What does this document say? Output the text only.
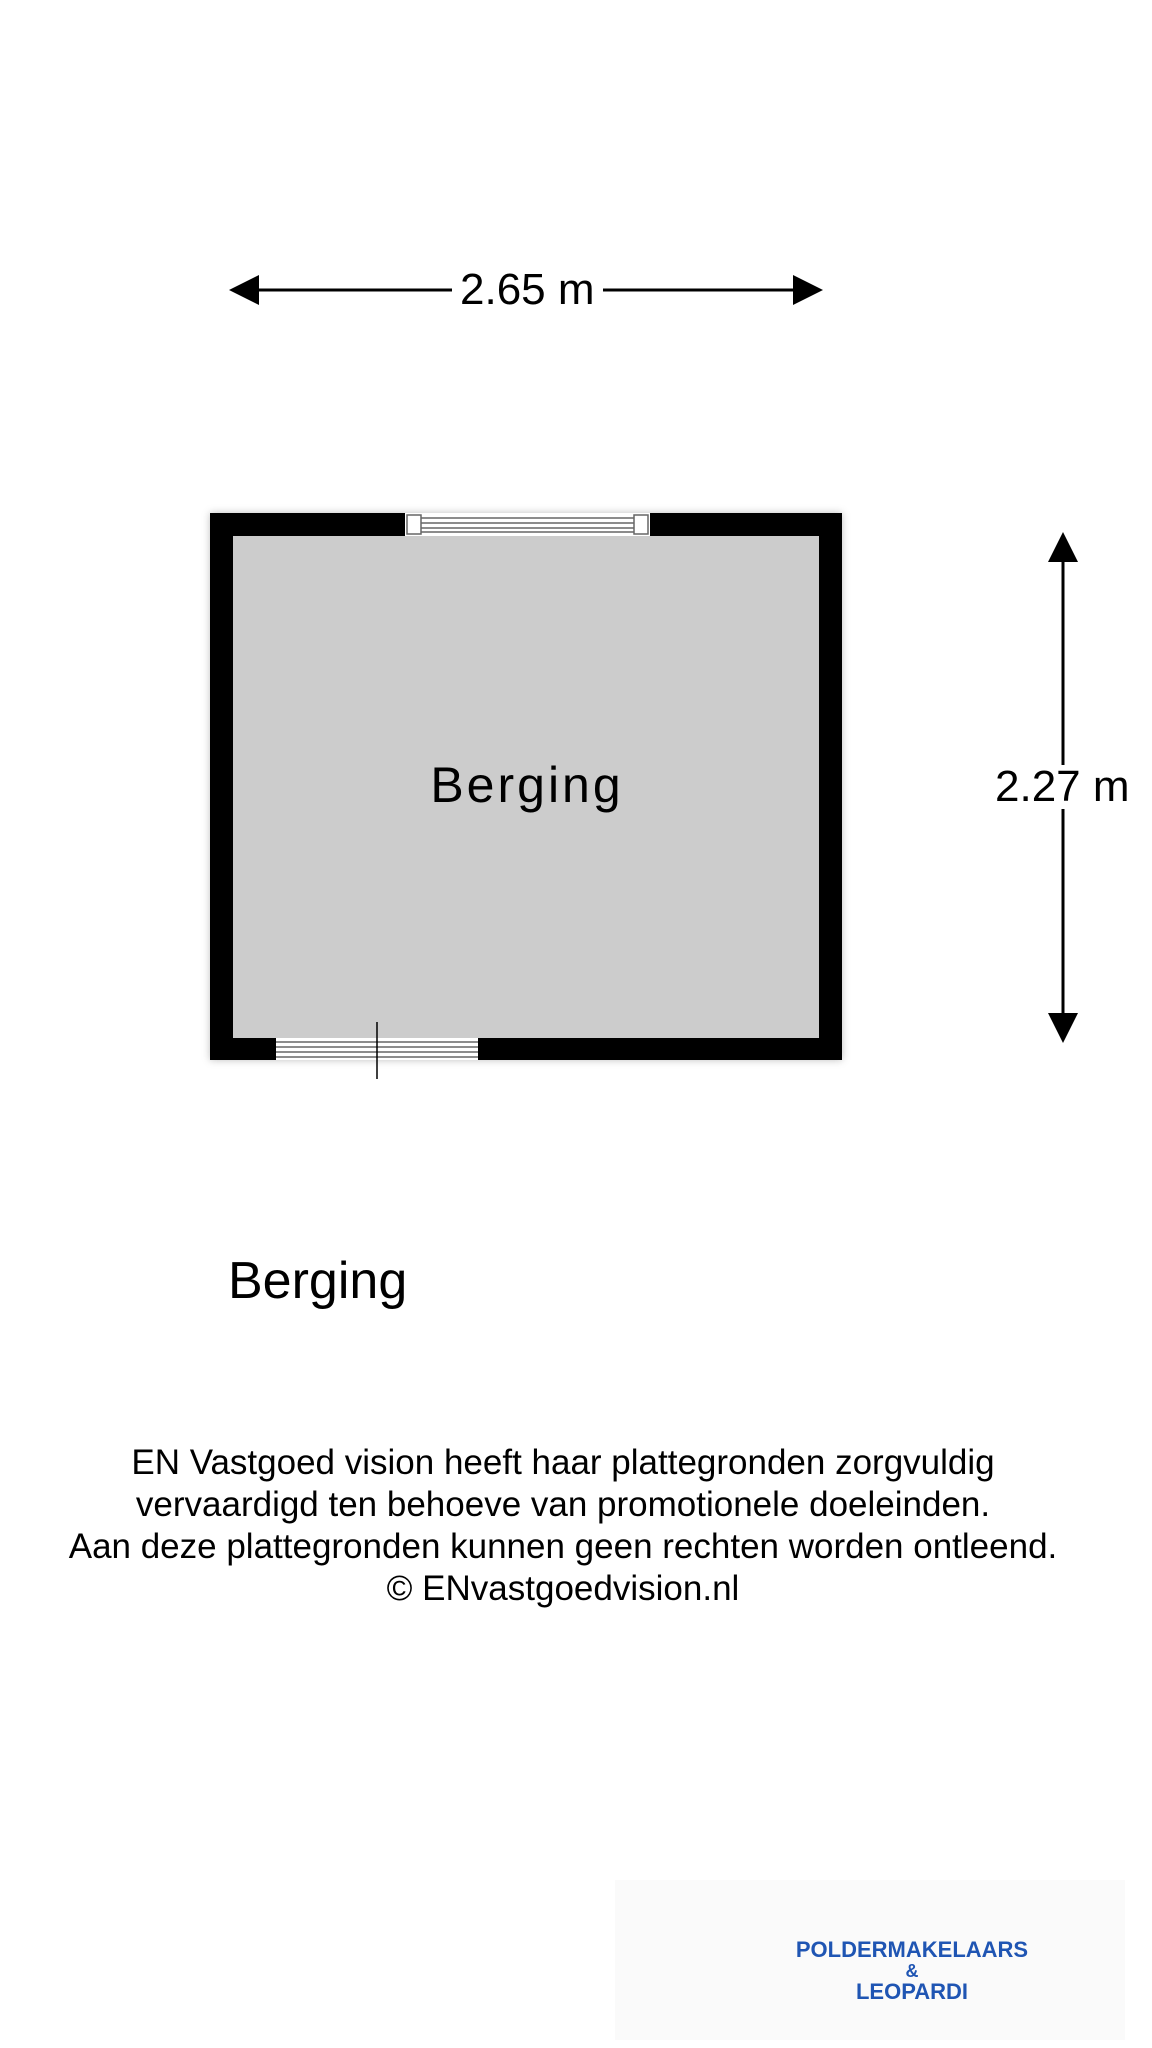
2.65 m
2.27 m
Berging
Berging
EN Vastgoed vision heeft haar plattegronden zorgvuldig
vervaardigd ten behoeve van promotionele doeleinden.
Aan deze plattegronden kunnen geen rechten worden ontleend.
© ENvastgoedvision.nl
POLDERMAKELAARS
&
LEOPARDI
